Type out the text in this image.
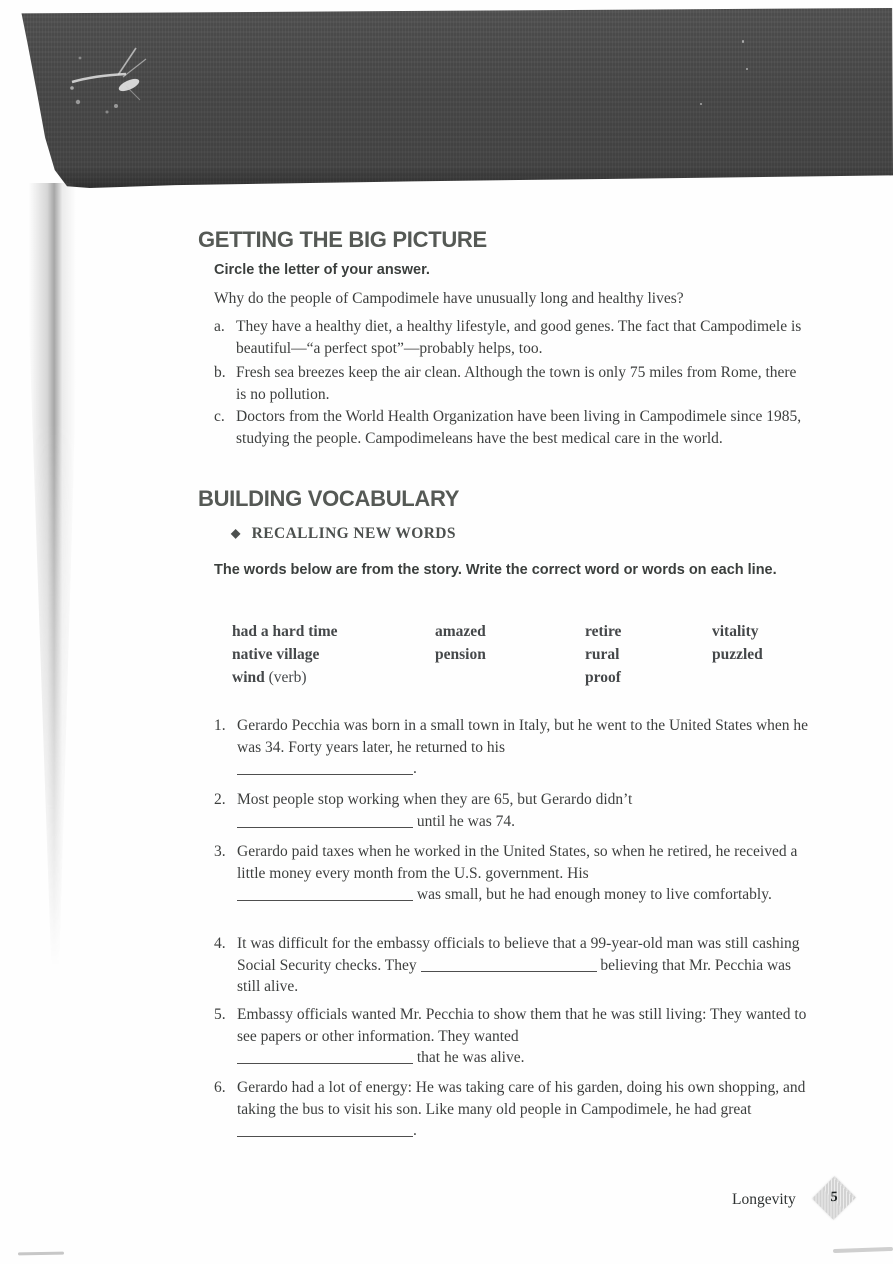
GETTING THE BIG PICTURE
Circle the letter of your answer.
Why do the people of Campodimele have unusually long and healthy lives?
a. They have a healthy diet, a healthy lifestyle, and good genes. The fact that Campodimele is beautiful—“a perfect spot”—probably helps, too.
b. Fresh sea breezes keep the air clean. Although the town is only 75 miles from Rome, there is no pollution.
c. Doctors from the World Health Organization have been living in Campodimele since 1985, studying the people. Campodimeleans have the best medical care in the world.
BUILDING VOCABULARY
◆ RECALLING NEW WORDS
The words below are from the story. Write the correct word or words on each line.
had a hard time
native village
wind (verb)
amazed
pension
retire
rural
proof
vitality
puzzled
1. Gerardo Pecchia was born in a small town in Italy, but he went to the United States when he was 34. Forty years later, he returned to his
.
2. Most people stop working when they are 65, but Gerardo didn’t
until he was 74.
3. Gerardo paid taxes when he worked in the United States, so when he retired, he received a little money every month from the U.S. government. His
was small, but he had enough money to live comfortably.
4. It was difficult for the embassy officials to believe that a 99-year-old man was still cashing Social Security checks. They	believing that Mr. Pecchia was still alive.
5. Embassy officials wanted Mr. Pecchia to show them that he was still living: They wanted to see papers or other information. They wanted
that he was alive.
6. Gerardo had a lot of energy: He was taking care of his garden, doing his own shopping, and taking the bus to visit his son. Like many old people in Campodimele, he had great .
Longevity	5
